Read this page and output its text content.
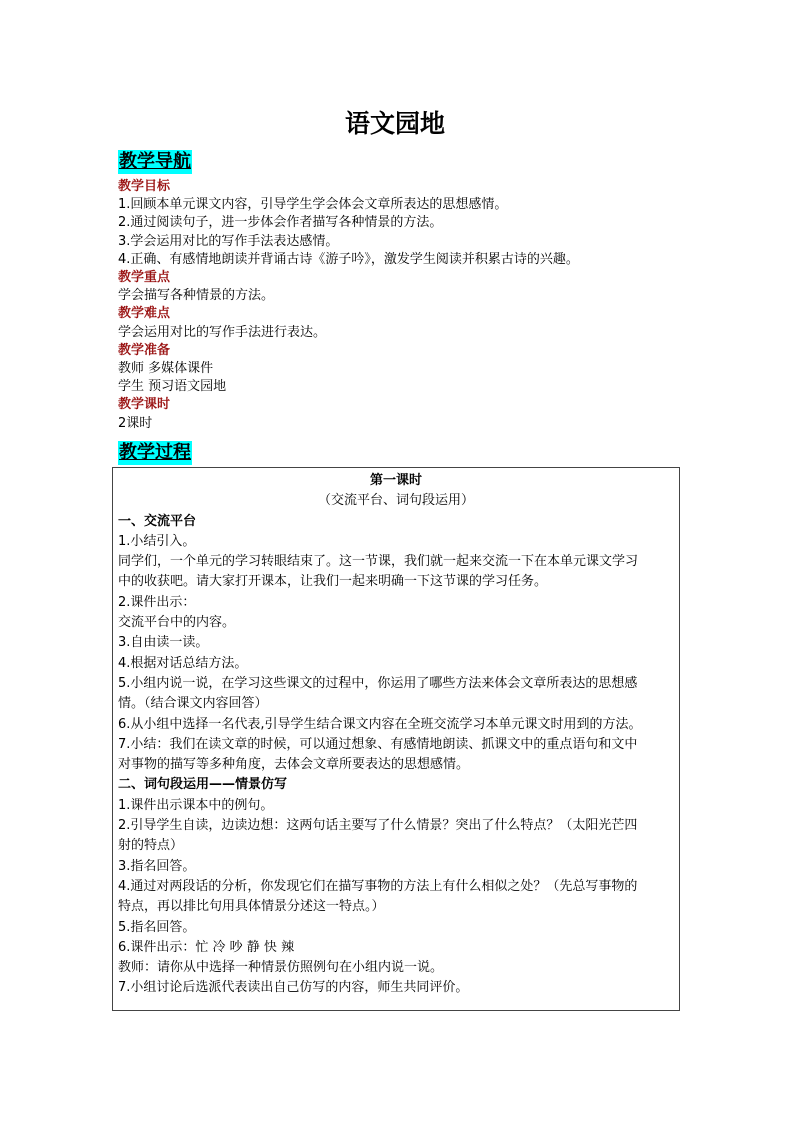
语文园地
教学导航
教学目标
1.回顾本单元课文内容，引导学生学会体会文章所表达的思想感情。
2.通过阅读句子，进一步体会作者描写各种情景的方法。
3.学会运用对比的写作手法表达感情。
4.正确、有感情地朗读并背诵古诗《游子吟》，激发学生阅读并积累古诗的兴趣。
教学重点
学会描写各种情景的方法。
教学难点
学会运用对比的写作手法进行表达。
教学准备
教师 多媒体课件
学生 预习语文园地
教学课时
2课时
教学过程
第一课时
（交流平台、词句段运用）
一、交流平台
1.小结引入。
同学们，一个单元的学习转眼结束了。这一节课，我们就一起来交流一下在本单元课文学习
中的收获吧。请大家打开课本，让我们一起来明确一下这节课的学习任务。
2.课件出示：
交流平台中的内容。
3.自由读一读。
4.根据对话总结方法。
5.小组内说一说，在学习这些课文的过程中，你运用了哪些方法来体会文章所表达的思想感
情。（结合课文内容回答）
6.从小组中选择一名代表,引导学生结合课文内容在全班交流学习本单元课文时用到的方法。
7.小结：我们在读文章的时候，可以通过想象、有感情地朗读、抓课文中的重点语句和文中
对事物的描写等多种角度，去体会文章所要表达的思想感情。
二、词句段运用——情景仿写
1.课件出示课本中的例句。
2.引导学生自读，边读边想：这两句话主要写了什么情景？突出了什么特点？（太阳光芒四
射的特点）
3.指名回答。
4.通过对两段话的分析，你发现它们在描写事物的方法上有什么相似之处？（先总写事物的
特点，再以排比句用具体情景分述这一特点。）
5.指名回答。
6.课件出示：忙 冷 吵 静 快 辣
教师：请你从中选择一种情景仿照例句在小组内说一说。
7.小组讨论后选派代表读出自己仿写的内容，师生共同评价。
